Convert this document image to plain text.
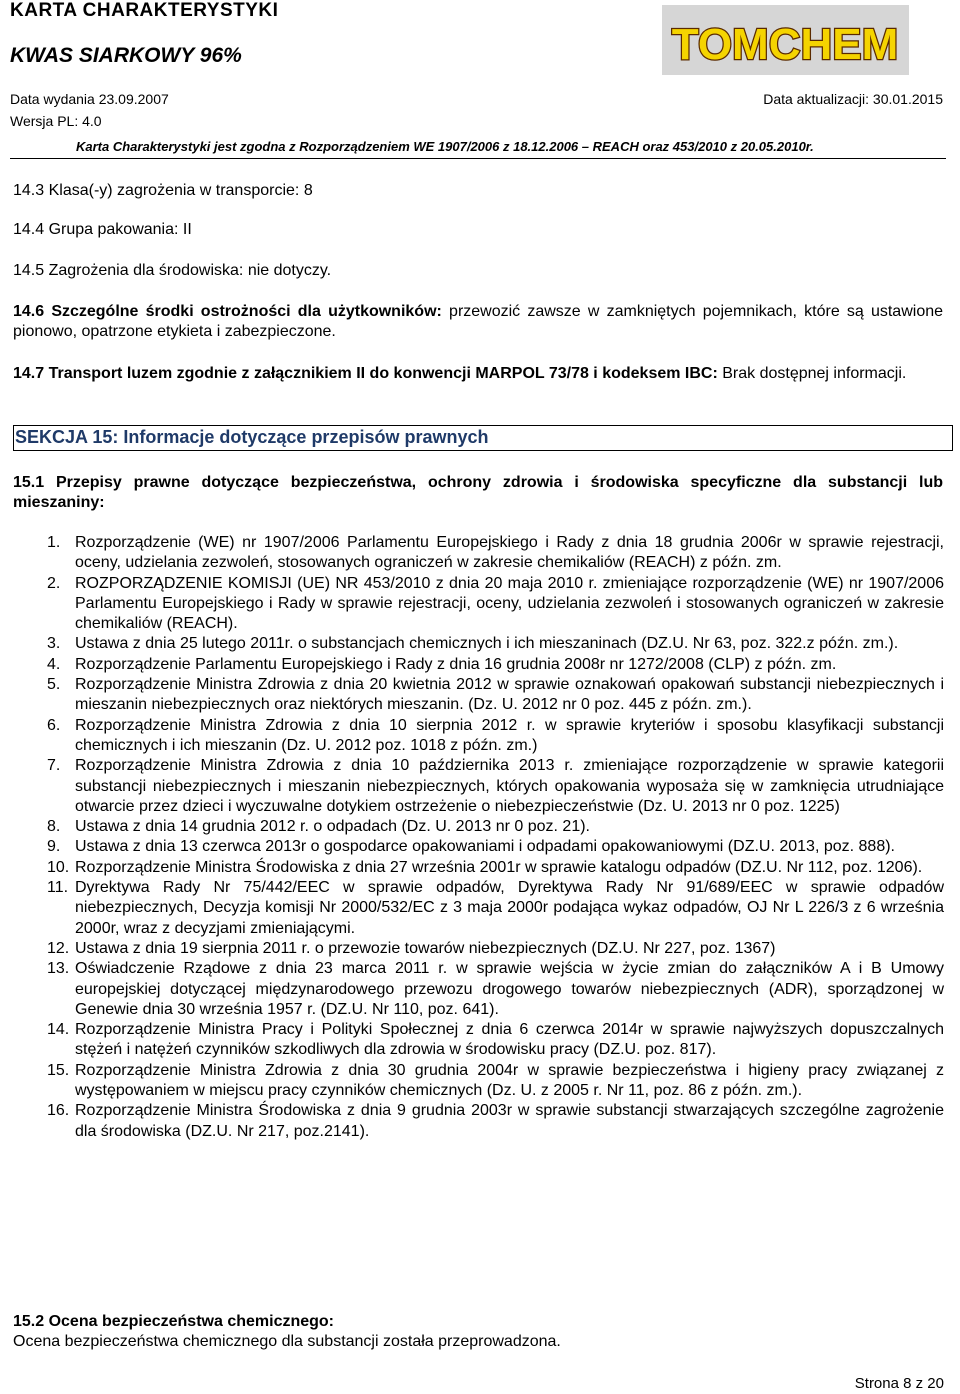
KARTA CHARAKTERYSTYKI
KWAS SIARKOWY 96%
Data wydania 23.09.2007	Data aktualizacji: 30.01.2015
Wersja PL: 4.0
Karta Charakterystyki jest zgodna z Rozporządzeniem WE 1907/2006 z 18.12.2006 – REACH oraz 453/2010 z 20.05.2010r.
TOMCHEM
14.3 Klasa(-y) zagrożenia w transporcie: 8
14.4 Grupa pakowania: II
14.5 Zagrożenia dla środowiska: nie dotyczy.
14.6 Szczególne środki ostrożności dla użytkowników: przewozić zawsze w zamkniętych pojemnikach, które są ustawione pionowo, opatrzone etykieta i zabezpieczone.
14.7 Transport luzem zgodnie z załącznikiem II do konwencji MARPOL 73/78 i kodeksem IBC: Brak dostępnej informacji.
SEKCJA 15: Informacje dotyczące przepisów prawnych
15.1 Przepisy prawne dotyczące bezpieczeństwa, ochrony zdrowia i środowiska specyficzne dla substancji lub mieszaniny:
1. Rozporządzenie (WE) nr 1907/2006 Parlamentu Europejskiego i Rady z dnia 18 grudnia 2006r w sprawie rejestracji, oceny, udzielania zezwoleń, stosowanych ograniczeń w zakresie chemikaliów (REACH) z późn. zm.
2. ROZPORZĄDZENIE KOMISJI (UE) NR 453/2010 z dnia 20 maja 2010 r. zmieniające rozporządzenie (WE) nr 1907/2006 Parlamentu Europejskiego i Rady w sprawie rejestracji, oceny, udzielania zezwoleń i stosowanych ograniczeń w zakresie chemikaliów (REACH).
3. Ustawa z dnia 25 lutego 2011r. o substancjach chemicznych i ich mieszaninach (DZ.U. Nr 63, poz. 322.z późn. zm.).
4. Rozporządzenie Parlamentu Europejskiego i Rady z dnia 16 grudnia 2008r nr 1272/2008 (CLP) z późn. zm.
5. Rozporządzenie Ministra Zdrowia z dnia 20 kwietnia 2012 w sprawie oznakowań opakowań substancji niebezpiecznych i mieszanin niebezpiecznych oraz niektórych mieszanin. (Dz. U. 2012 nr 0 poz. 445 z późn. zm.).
6. Rozporządzenie Ministra Zdrowia z dnia 10 sierpnia 2012 r. w sprawie kryteriów i sposobu klasyfikacji substancji chemicznych i ich mieszanin (Dz. U. 2012 poz. 1018 z późn. zm.)
7. Rozporządzenie Ministra Zdrowia z dnia 10 października 2013 r. zmieniające rozporządzenie w sprawie kategorii substancji niebezpiecznych i mieszanin niebezpiecznych, których opakowania wyposaża się w zamknięcia utrudniające otwarcie przez dzieci i wyczuwalne dotykiem ostrzeżenie o niebezpieczeństwie (Dz. U. 2013 nr 0 poz. 1225)
8. Ustawa z dnia 14 grudnia 2012 r. o odpadach (Dz. U. 2013 nr 0 poz. 21).
9. Ustawa z dnia 13 czerwca 2013r o gospodarce opakowaniami i odpadami opakowaniowymi (DZ.U. 2013, poz. 888).
10. Rozporządzenie Ministra Środowiska z dnia 27 września 2001r w sprawie katalogu odpadów (DZ.U. Nr 112, poz. 1206).
11. Dyrektywa Rady Nr 75/442/EEC w sprawie odpadów, Dyrektywa Rady Nr 91/689/EEC w sprawie odpadów niebezpiecznych, Decyzja komisji Nr 2000/532/EC z 3 maja 2000r podająca wykaz odpadów, OJ Nr L 226/3 z 6 września 2000r, wraz z decyzjami zmieniającymi.
12. Ustawa z dnia 19 sierpnia 2011 r. o przewozie towarów niebezpiecznych (DZ.U. Nr 227, poz. 1367)
13. Oświadczenie Rządowe z dnia 23 marca 2011 r. w sprawie wejścia w życie zmian do załączników A i B Umowy europejskiej dotyczącej międzynarodowego przewozu drogowego towarów niebezpiecznych (ADR), sporządzonej w Genewie dnia 30 września 1957 r. (DZ.U. Nr 110, poz. 641).
14. Rozporządzenie Ministra Pracy i Polityki Społecznej z dnia 6 czerwca 2014r w sprawie najwyższych dopuszczalnych stężeń i natężeń czynników szkodliwych dla zdrowia w środowisku pracy (DZ.U. poz. 817).
15. Rozporządzenie Ministra Zdrowia z dnia 30 grudnia 2004r w sprawie bezpieczeństwa i higieny pracy związanej z występowaniem w miejscu pracy czynników chemicznych (Dz. U. z 2005 r. Nr 11, poz. 86 z późn. zm.).
16. Rozporządzenie Ministra Środowiska z dnia 9 grudnia 2003r w sprawie substancji stwarzających szczególne zagrożenie dla środowiska (DZ.U. Nr 217, poz.2141).
15.2 Ocena bezpieczeństwa chemicznego:
Ocena bezpieczeństwa chemicznego dla substancji została przeprowadzona.
Strona 8 z 20
